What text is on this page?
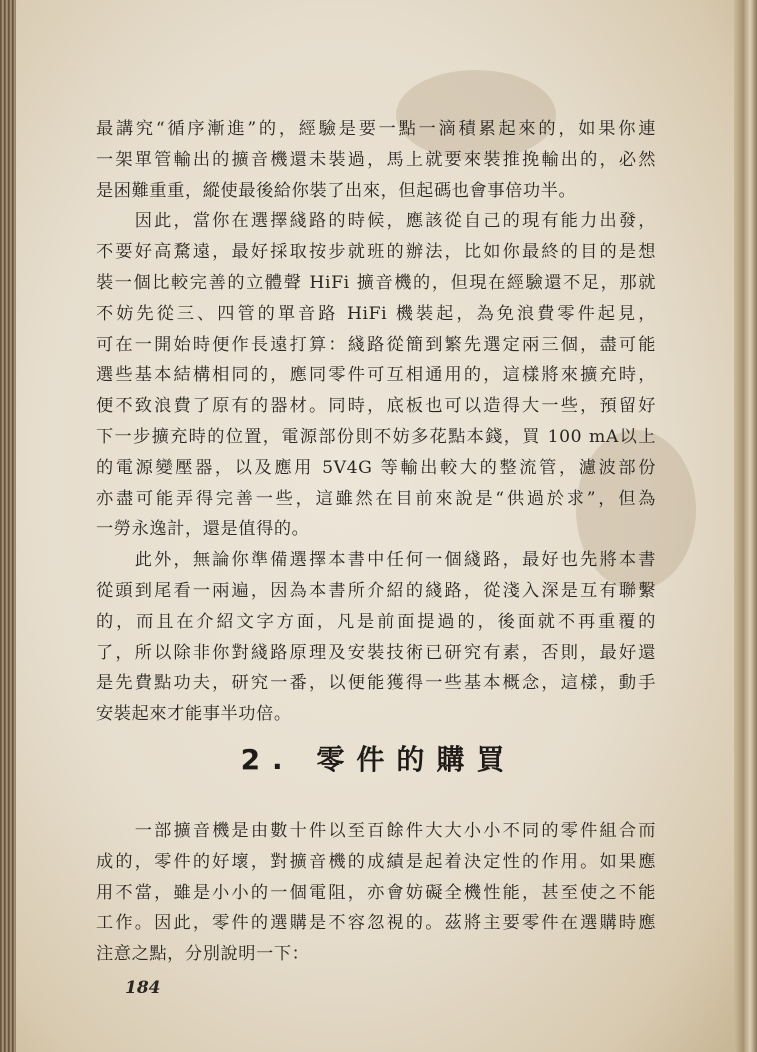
最講究“循序漸進”的，經驗是要一點一滴積累起來的，如果你連
一架單管輸出的擴音機還未裝過，馬上就要來裝推挽輸出的，必然
是困難重重，縱使最後給你裝了出來，但起碼也會事倍功半。
　　因此，當你在選擇綫路的時候，應該從自己的現有能力出發，
不要好高騖遠，最好採取按步就班的辦法，比如你最終的目的是想
裝一個比較完善的立體聲 HiFi 擴音機的，但現在經驗還不足，那就
不妨先從三、四管的單音路 HiFi 機裝起，為免浪費零件起見，
可在一開始時便作長遠打算：綫路從簡到繁先選定兩三個，盡可能
選些基本結構相同的，應同零件可互相通用的，這樣將來擴充時，
便不致浪費了原有的器材。同時，底板也可以造得大一些，預留好
下一步擴充時的位置，電源部份則不妨多花點本錢，買 100 mA以上
的電源變壓器，以及應用 5V4G 等輸出較大的整流管，濾波部份
亦盡可能弄得完善一些，這雖然在目前來說是“供過於求”，但為
一勞永逸計，還是值得的。
　　此外，無論你準備選擇本書中任何一個綫路，最好也先將本書
從頭到尾看一兩遍，因為本書所介紹的綫路，從淺入深是互有聯繫
的，而且在介紹文字方面，凡是前面提過的，後面就不再重覆的
了，所以除非你對綫路原理及安裝技術已研究有素，否則，最好還
是先費點功夫，研究一番，以便能獲得一些基本概念，這樣，動手
安裝起來才能事半功倍。
2. 零件的購買
　　一部擴音機是由數十件以至百餘件大大小小不同的零件組合而
成的，零件的好壞，對擴音機的成績是起着決定性的作用。如果應
用不當，雖是小小的一個電阻，亦會妨礙全機性能，甚至使之不能
工作。因此，零件的選購是不容忽視的。茲將主要零件在選購時應
注意之點，分別說明一下：
184
